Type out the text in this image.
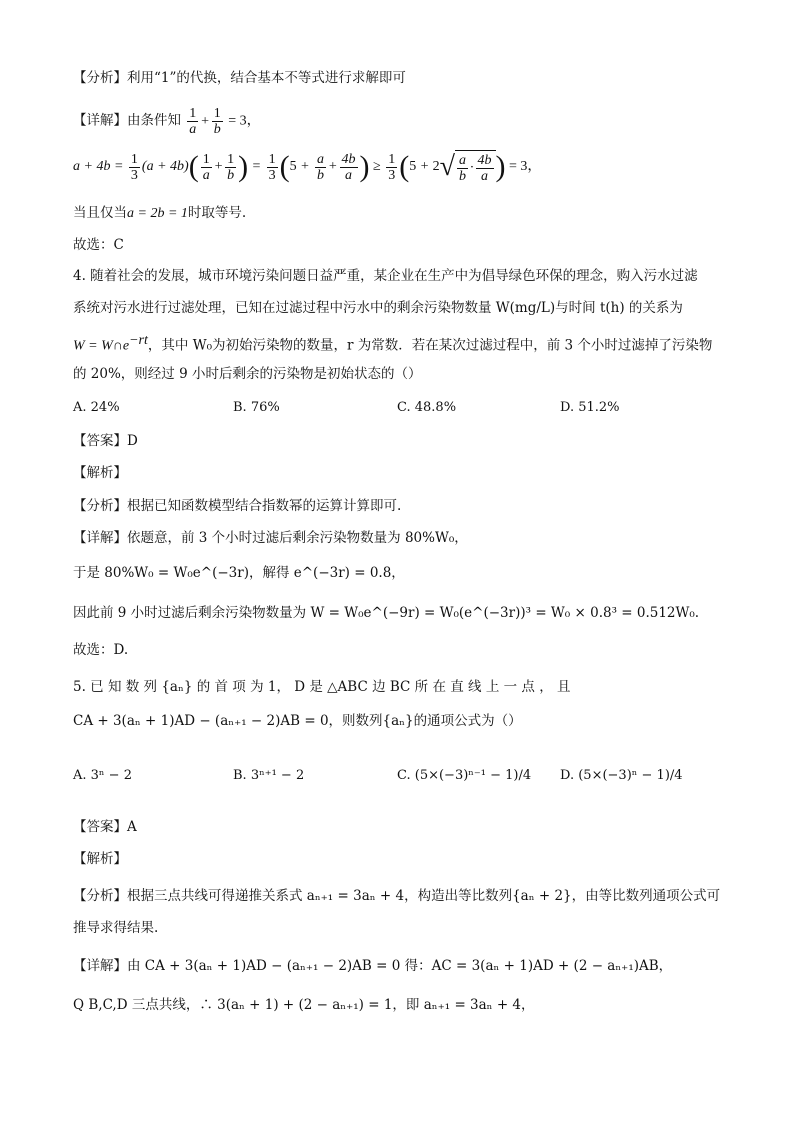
【分析】利用“1”的代换，结合基本不等式进行求解即可
【详解】由条件知 $\frac{1}{a} + \frac{1}{b} = 3$，
$a + 4b = \frac{1}{3} (a + 4b)( \frac{1}{a} + \frac{1}{b}$ ) = $\frac{1}{3} (5 + \frac{a}{b} + \frac{4b}{a}$ ) ≥ $\frac{1}{3} (5 + 2√ \frac{a}{b} \cdot \frac{4b}{a}$ ) = 3，
当且仅当a = 2b = 1时取等号.
故选：C
4. 随着社会的发展，城市环境污染问题日益严重，某企业在生产中为倡导绿色环保的理念，购入污水过滤
系统对污水进行过滤处理，已知在过滤过程中污水中的剩余污染物数量 W(mg/L)与时间 t(h) 的关系为
$W = W\cap e^{-rt}$，其中 W₀为初始污染物的数量，r 为常数．若在某次过滤过程中，前 3 个小时过滤掉了污染物
的 20%，则经过 9 小时后剩余的污染物是初始状态的（）
A. 24%	B. 76%	C. 48.8%	D. 51.2%
【答案】D
【解析】
【分析】根据已知函数模型结合指数幂的运算计算即可.
【详解】依题意，前 3 个小时过滤后剩余污染物数量为 80%W₀，
于是 80%W₀ = W₀e^(−3r)，解得 e^(−3r) = 0.8，
因此前 9 小时过滤后剩余污染物数量为 W = W₀e^(−9r) = W₀(e^(−3r))³ = W₀ × 0.8³ = 0.512W₀.
故选：D.
5. 已 知 数 列 {aₙ} 的 首 项 为 1， D 是 △ABC 边 BC 所 在 直 线 上 一 点 ， 且
CA + 3(aₙ + 1)AD − (aₙ₊₁ − 2)AB = 0，则数列{aₙ}的通项公式为（）
A. 3ⁿ − 2	B. 3ⁿ⁺¹ − 2	C. (5×(−3)ⁿ⁻¹ − 1)/4 D. (5×(−3)ⁿ − 1)/4
【答案】A
【解析】
【分析】根据三点共线可得递推关系式 aₙ₊₁ = 3aₙ + 4，构造出等比数列{aₙ + 2}，由等比数列通项公式可
推导求得结果.
【详解】由 CA + 3(aₙ + 1)AD − (aₙ₊₁ − 2)AB = 0 得：AC = 3(aₙ + 1)AD + (2 − aₙ₊₁)AB，
Q B,C,D 三点共线，∴ 3(aₙ + 1) + (2 − aₙ₊₁) = 1，即 aₙ₊₁ = 3aₙ + 4，
